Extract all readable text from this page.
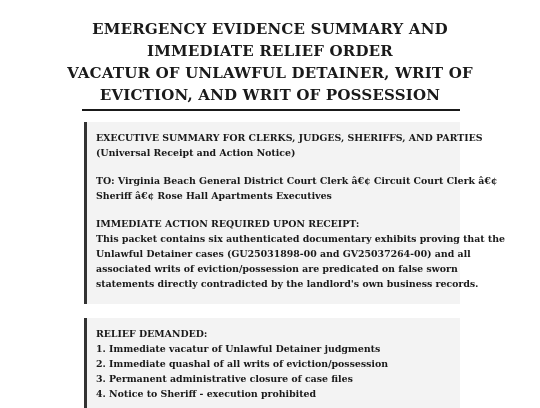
EMERGENCY EVIDENCE SUMMARY AND
IMMEDIATE RELIEF ORDER
VACATUR OF UNLAWFUL DETAINER, WRIT OF
EVICTION, AND WRIT OF POSSESSION

EXECUTIVE SUMMARY FOR CLERKS, JUDGES, SHERIFFS, AND PARTIES

(Universal Receipt and Action Notice)

TO: Virginia Beach General District Court Clerk â€¢ Circuit Court Clerk â€¢

Sheriff â€¢ Rose Hall Apartments Executives

IMMEDIATE ACTION REQUIRED UPON RECEIPT:

This packet contains six authenticated documentary exhibits proving that the

Unlawful Detainer cases (GU25031898-00 and GV25037264-00) and all

associated writs of eviction/possession are predicated on false sworn

statements directly contradicted by the landlord's own business records.

RELIEF DEMANDED:

1. Immediate vacatur of Unlawful Detainer judgments

2. Immediate quashal of all writs of eviction/possession

3. Permanent administrative closure of case files

4. Notice to Sheriff - execution prohibited
